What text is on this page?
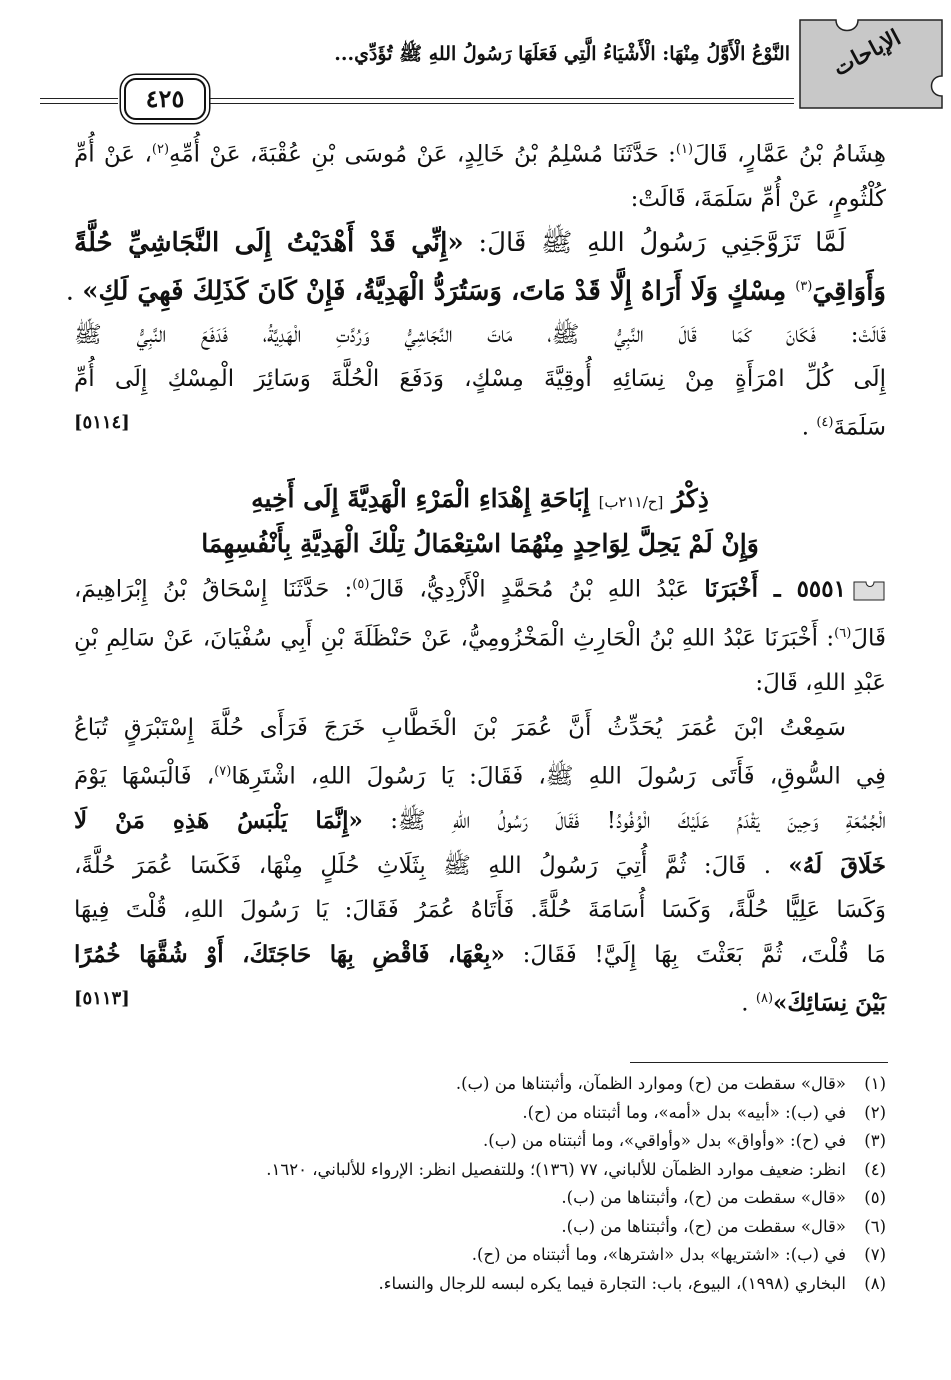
الإباحات
النَّوْعُ الْأَوَّلُ مِنْهَا: الْأَشْيَاءُ الَّتِي فَعَلَهَا رَسُولُ اللهِ ﷺ تُؤَدِّي...
٤٢٥
هِشَامُ بْنُ عَمَّارٍ، قَالَ$^{(١)}$: حَدَّثَنَا مُسْلِمُ بْنُ خَالِدٍ، عَنْ مُوسَى بْنِ عُقْبَةَ، عَنْ أُمِّهِ$^{(٢)}$، عَنْ أُمِّ
كُلْثُومٍ، عَنْ أُمِّ سَلَمَةَ، قَالَتْ:
لَمَّا تَزَوَّجَنِي رَسُولُ اللهِ ﷺ قَالَ: «إِنِّي قَدْ أَهْدَيْتُ إِلَى النَّجَاشِيِّ حُلَّةً
وَأَوَاقِيَ$^{(٣)}$ مِسْكٍ وَلَا أَرَاهُ إِلَّا قَدْ مَاتَ، وَسَتُرَدُّ الْهَدِيَّةُ، فَإِنْ كَانَ كَذَلِكَ فَهِيَ لَكِ» .
قَالَتْ: فَكَانَ كَمَا قَالَ النَّبِيُّ ﷺ، مَاتَ النَّجَاشِيُّ وَرُدَّتِ الْهَدِيَّةُ، فَدَفَعَ النَّبِيُّ ﷺ
إِلَى كُلِّ امْرَأَةٍ مِنْ نِسَائِهِ أُوقِيَّةَ مِسْكٍ، وَدَفَعَ الْحُلَّةَ وَسَائِرَ الْمِسْكِ إِلَى أُمِّ
سَلَمَةَ$^{(٤)}$ .
[٥١١٤]
ذِكْرُ [ح/٢١١ب] إِبَاحَةِ إِهْدَاءِ الْمَرْءِ الْهَدِيَّةَ إِلَى أَخِيهِ
وَإِنْ لَمْ يَحِلَّ لِوَاحِدٍ مِنْهُمَا اسْتِعْمَالُ تِلْكَ الْهَدِيَّةِ بِأَنْفُسِهِمَا
٥٥٥١ ـ أَخْبَرَنَا عَبْدُ اللهِ بْنُ مُحَمَّدٍ الْأَزْدِيُّ، قَالَ$^{(٥)}$: حَدَّثَنَا إِسْحَاقُ بْنُ إِبْرَاهِيمَ،
قَالَ$^{(٦)}$: أَخْبَرَنَا عَبْدُ اللهِ بْنُ الْحَارِثِ الْمَخْزُومِيُّ، عَنْ حَنْظَلَةَ بْنِ أَبِي سُفْيَانَ، عَنْ سَالِمِ بْنِ
عَبْدِ اللهِ، قَالَ:
سَمِعْتُ ابْنَ عُمَرَ يُحَدِّثُ أَنَّ عُمَرَ بْنَ الْخَطَّابِ خَرَجَ فَرَأَى حُلَّةَ إِسْتَبْرَقٍ تُبَاعُ
فِي السُّوقِ، فَأَتَى رَسُولَ اللهِ ﷺ، فَقَالَ: يَا رَسُولَ اللهِ، اشْتَرِهَا$^{(٧)}$، فَالْبَسْهَا يَوْمَ
الْجُمُعَةِ وَحِينَ يَقْدَمُ عَلَيْكَ الْوُفُودُ! فَقَالَ رَسُولُ اللهِ ﷺ: «إِنَّمَا يَلْبَسُ هَذِهِ مَنْ لَا
خَلَاقَ لَهُ» . قَالَ: ثُمَّ أُتِيَ رَسُولُ اللهِ ﷺ بِثَلَاثِ حُلَلٍ مِنْهَا، فَكَسَا عُمَرَ حُلَّةً،
وَكَسَا عَلِيًّا حُلَّةً، وَكَسَا أُسَامَةَ حُلَّةً. فَأَتَاهُ عُمَرُ فَقَالَ: يَا رَسُولَ اللهِ، قُلْتَ فِيهَا
مَا قُلْتَ، ثُمَّ بَعَثْتَ بِهَا إِلَيَّ! فَقَالَ: «بِعْهَا، فَاقْضِ بِهَا حَاجَتَكَ، أَوْ شُقَّهَا خُمُرًا
بَيْنَ نِسَائِكَ»$^{(٨)}$ .
[٥١١٣]
(١)«قال» سقطت من (ح) وموارد الظمآن، وأثبتناها من (ب).
(٢)في (ب): «أبيه» بدل «أمه»، وما أثبتناه من (ح).
(٣)في (ح): «وأواق» بدل «وأواقي»، وما أثبتناه من (ب).
(٤)انظر: ضعيف موارد الظمآن للألباني، ٧٧ (١٣٦)؛ وللتفصيل انظر: الإرواء للألباني، ١٦٢٠.
(٥)«قال» سقطت من (ح)، وأثبتناها من (ب).
(٦)«قال» سقطت من (ح)، وأثبتناها من (ب).
(٧)في (ب): «اشتريها» بدل «اشترها»، وما أثبتناه من (ح).
(٨)البخاري (١٩٩٨)، البيوع، باب: التجارة فيما يكره لبسه للرجال والنساء.
